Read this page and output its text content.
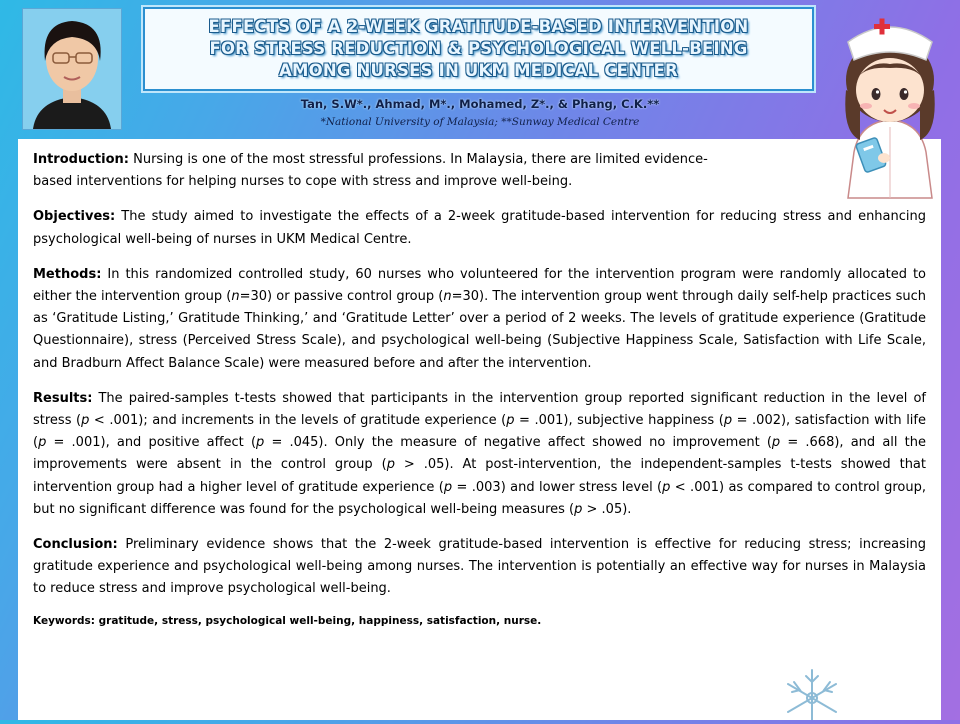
EFFECTS OF A 2-WEEK GRATITUDE-BASED INTERVENTION
FOR STRESS REDUCTION & PSYCHOLOGICAL WELL-BEING
AMONG NURSES IN UKM MEDICAL CENTER
Tan, S.W*., Ahmad, M*., Mohamed, Z*., & Phang, C.K.**
*National University of Malaysia; **Sunway Medical Centre

Introduction: Nursing is one of the most stressful professions. In Malaysia, there are limited evidence-based interventions for helping nurses to cope with stress and improve well-being.

Objectives: The study aimed to investigate the effects of a 2-week gratitude-based intervention for reducing stress and enhancing psychological well-being of nurses in UKM Medical Centre.

Methods: In this randomized controlled study, 60 nurses who volunteered for the intervention program were randomly allocated to either the intervention group (n=30) or passive control group (n=30). The intervention group went through daily self-help practices such as ‘Gratitude Listing,’ Gratitude Thinking,’ and ‘Gratitude Letter’ over a period of 2 weeks. The levels of gratitude experience (Gratitude Questionnaire), stress (Perceived Stress Scale), and psychological well-being (Subjective Happiness Scale, Satisfaction with Life Scale, and Bradburn Affect Balance Scale) were measured before and after the intervention.

Results: The paired-samples t-tests showed that participants in the intervention group reported significant reduction in the level of stress (p < .001); and increments in the levels of gratitude experience (p = .001), subjective happiness (p = .002), satisfaction with life (p = .001), and positive affect (p = .045). Only the measure of negative affect showed no improvement (p = .668), and all the improvements were absent in the control group (p > .05). At post-intervention, the independent-samples t-tests showed that intervention group had a higher level of gratitude experience (p = .003) and lower stress level (p < .001) as compared to control group, but no significant difference was found for the psychological well-being measures (p > .05).

Conclusion: Preliminary evidence shows that the 2-week gratitude-based intervention is effective for reducing stress; increasing gratitude experience and psychological well-being among nurses. The intervention is potentially an effective way for nurses in Malaysia to reduce stress and improve psychological well-being.

Keywords: gratitude, stress, psychological well-being, happiness, satisfaction, nurse.
